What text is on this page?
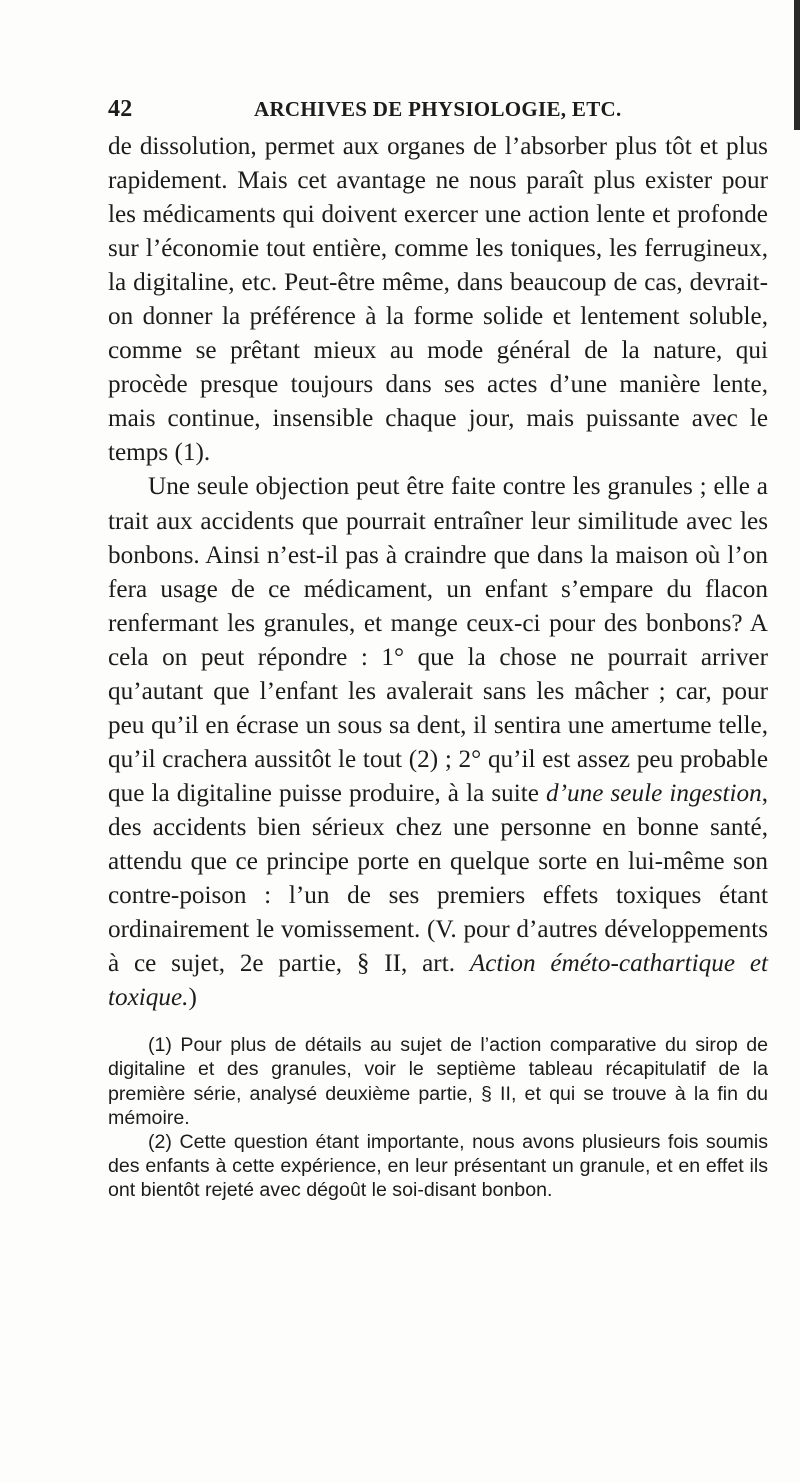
42	ARCHIVES DE PHYSIOLOGIE, ETC.

de dissolution, permet aux organes de l’absorber plus tôt et plus rapidement. Mais cet avantage ne nous paraît plus exister pour les médicaments qui doivent exercer une action lente et profonde sur l’économie tout entière, comme les toniques, les ferrugineux, la digitaline, etc. Peut-être même, dans beaucoup de cas, devrait-on donner la préférence à la forme solide et lentement soluble, comme se prêtant mieux au mode général de la nature, qui procède presque toujours dans ses actes d’une manière lente, mais continue, insensible chaque jour, mais puissante avec le temps (1).

Une seule objection peut être faite contre les granules ; elle a trait aux accidents que pourrait entraîner leur similitude avec les bonbons. Ainsi n’est-il pas à craindre que dans la maison où l’on fera usage de ce médicament, un enfant s’empare du flacon renfermant les granules, et mange ceux-ci pour des bonbons? A cela on peut répondre : 1° que la chose ne pourrait arriver qu’autant que l’enfant les avalerait sans les mâcher ; car, pour peu qu’il en écrase un sous sa dent, il sentira une amertume telle, qu’il crachera aussitôt le tout (2) ; 2° qu’il est assez peu probable que la digitaline puisse produire, à la suite d’une seule ingestion, des accidents bien sérieux chez une personne en bonne santé, attendu que ce principe porte en quelque sorte en lui-même son contre-poison : l’un de ses premiers effets toxiques étant ordinairement le vomissement. (V. pour d’autres développements à ce sujet, 2e partie, § II, art. Action éméto-cathartique et toxique.)

(1) Pour plus de détails au sujet de l’action comparative du sirop de digitaline et des granules, voir le septième tableau récapitulatif de la première série, analysé deuxième partie, § II, et qui se trouve à la fin du mémoire.

(2) Cette question étant importante, nous avons plusieurs fois soumis des enfants à cette expérience, en leur présentant un granule, et en effet ils ont bientôt rejeté avec dégoût le soi-disant bonbon.
